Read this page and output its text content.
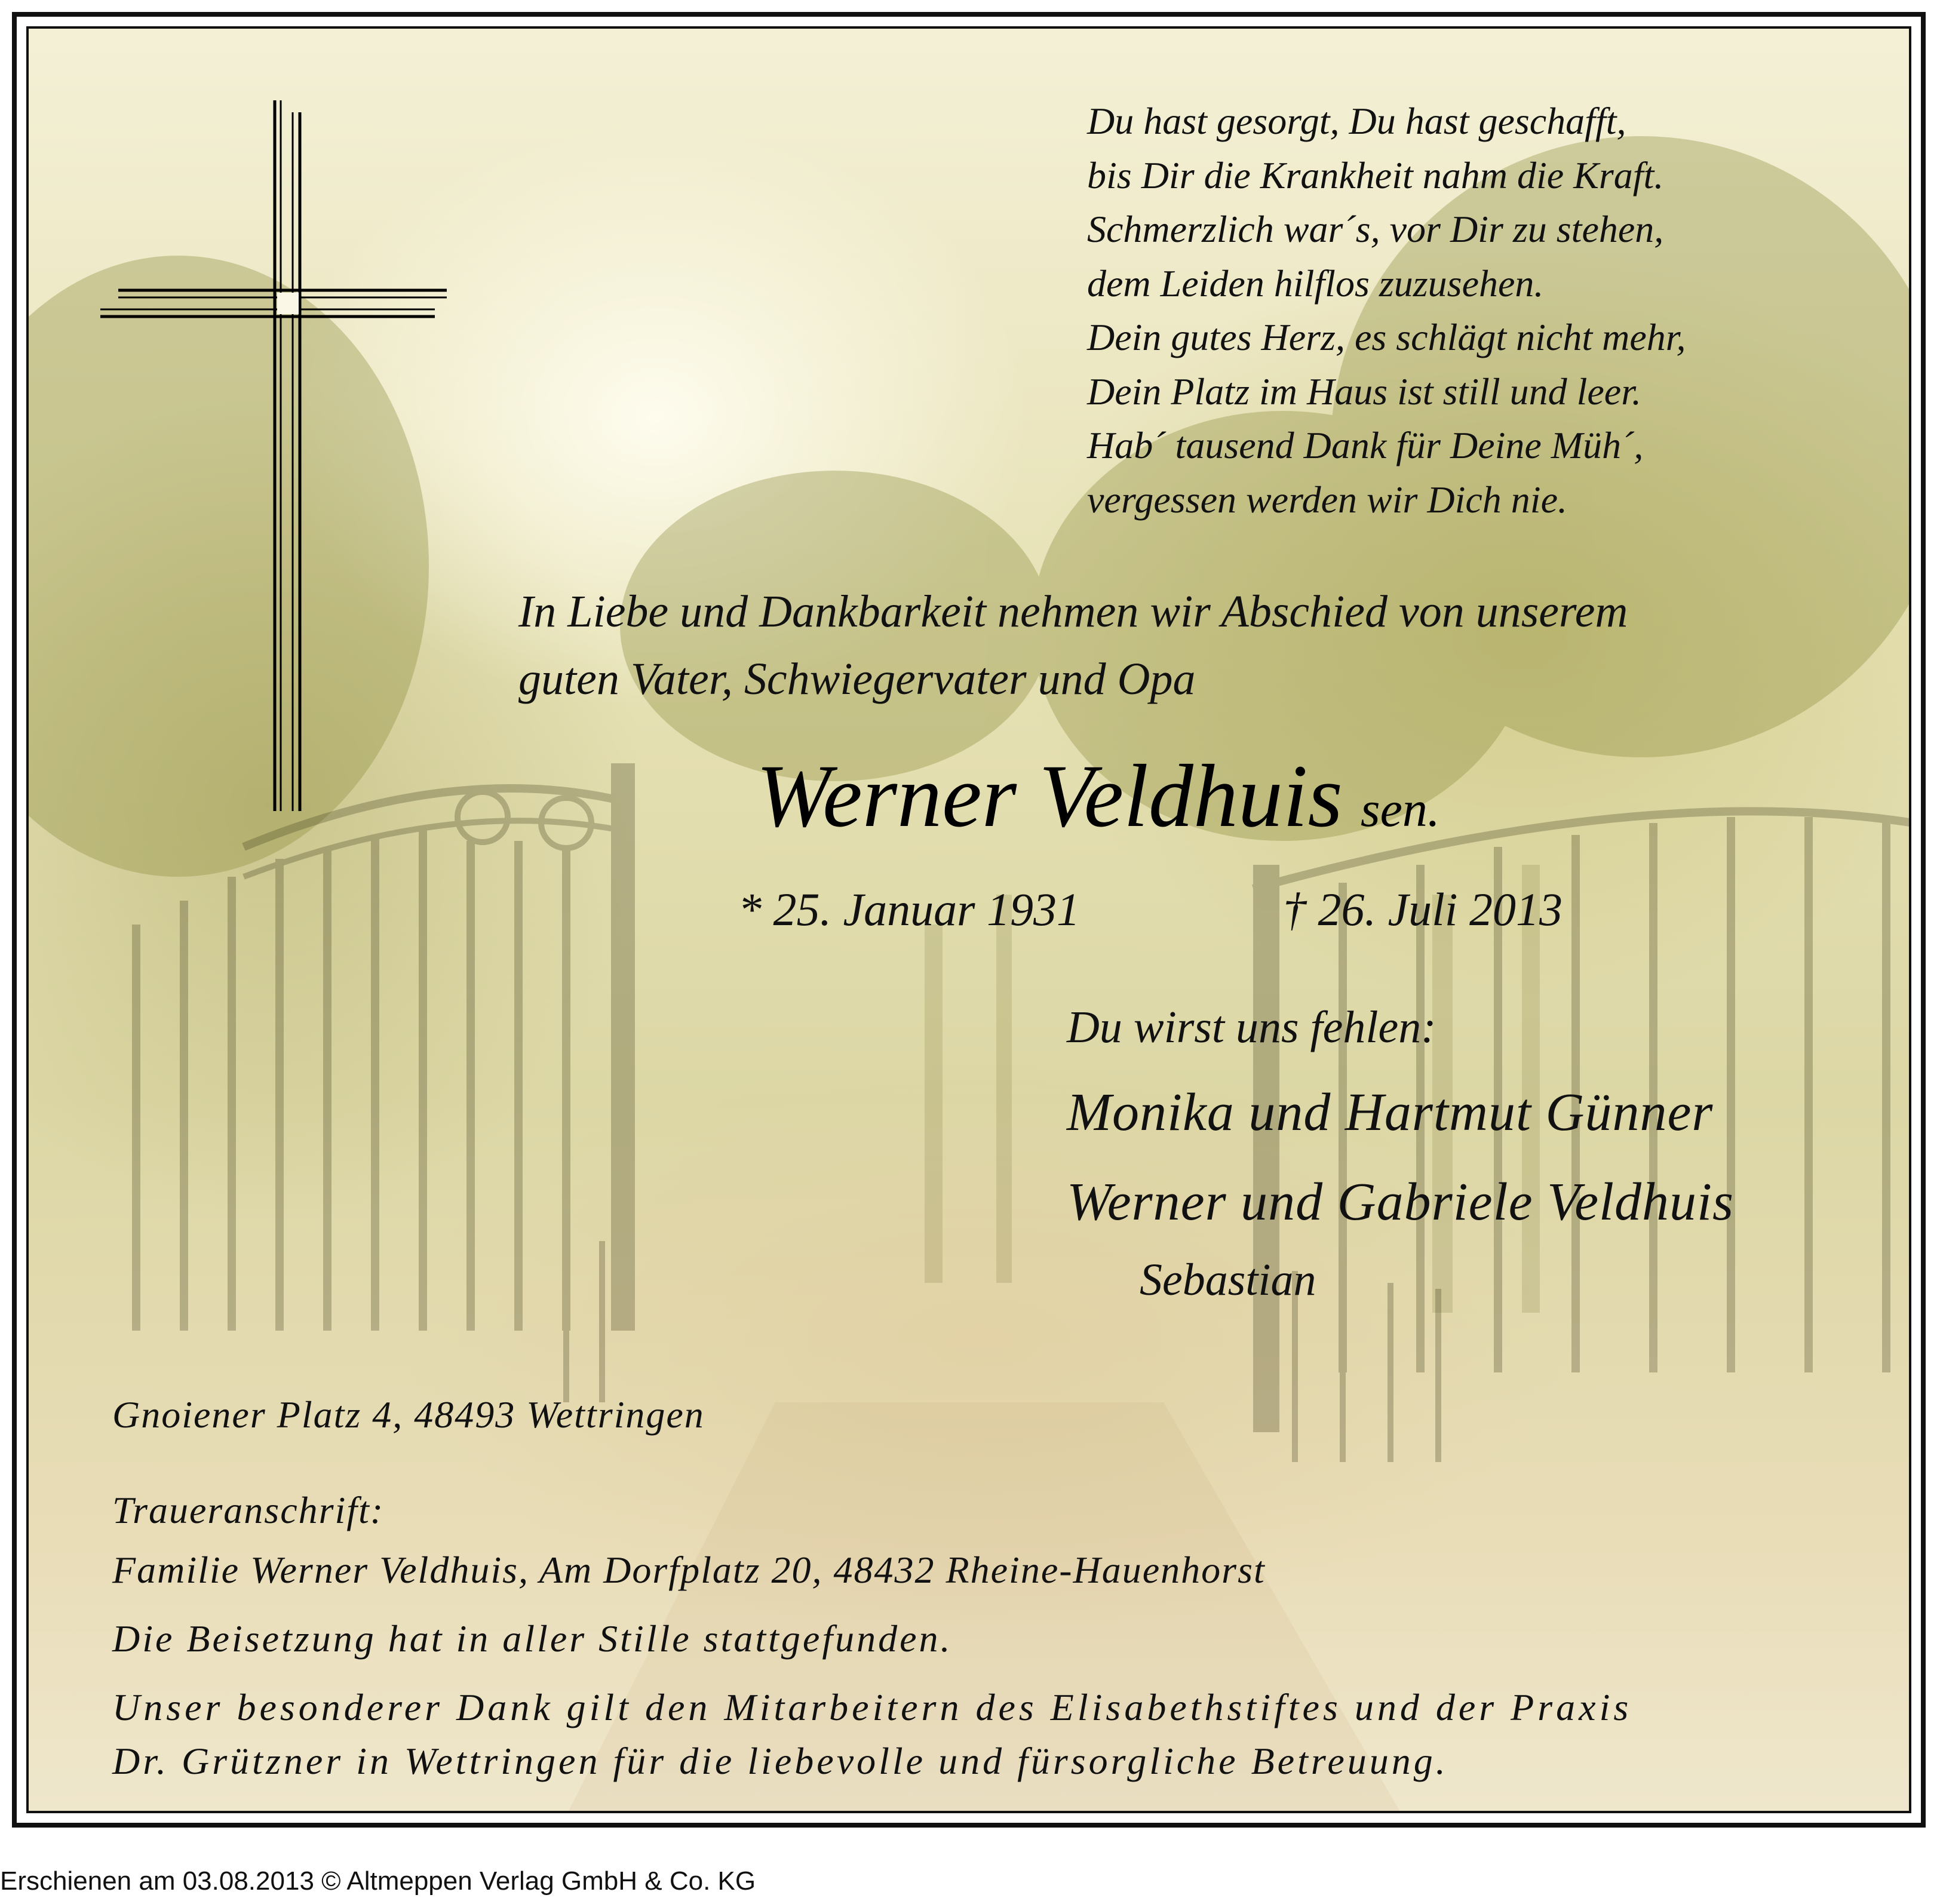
Du hast gesorgt, Du hast geschafft,
bis Dir die Krankheit nahm die Kraft.
Schmerzlich war´s, vor Dir zu stehen,
dem Leiden hilflos zuzusehen.
Dein gutes Herz, es schlägt nicht mehr,
Dein Platz im Haus ist still und leer.
Hab´ tausend Dank für Deine Müh´,
vergessen werden wir Dich nie.
In Liebe und Dankbarkeit nehmen wir Abschied von unserem
guten Vater, Schwiegervater und Opa
Werner Veldhuis sen.
* 25. Januar 1931	† 26. Juli 2013
Du wirst uns fehlen:
Monika und Hartmut Günner
Werner und Gabriele Veldhuis
Sebastian
Gnoiener Platz 4, 48493 Wettringen
Traueranschrift:
Familie Werner Veldhuis, Am Dorfplatz 20, 48432 Rheine-Hauenhorst
Die Beisetzung hat in aller Stille stattgefunden.
Unser besonderer Dank gilt den Mitarbeitern des Elisabethstiftes und der Praxis
Dr. Grützner in Wettringen für die liebevolle und fürsorgliche Betreuung.
Erschienen am 03.08.2013 © Altmeppen Verlag GmbH & Co. KG
